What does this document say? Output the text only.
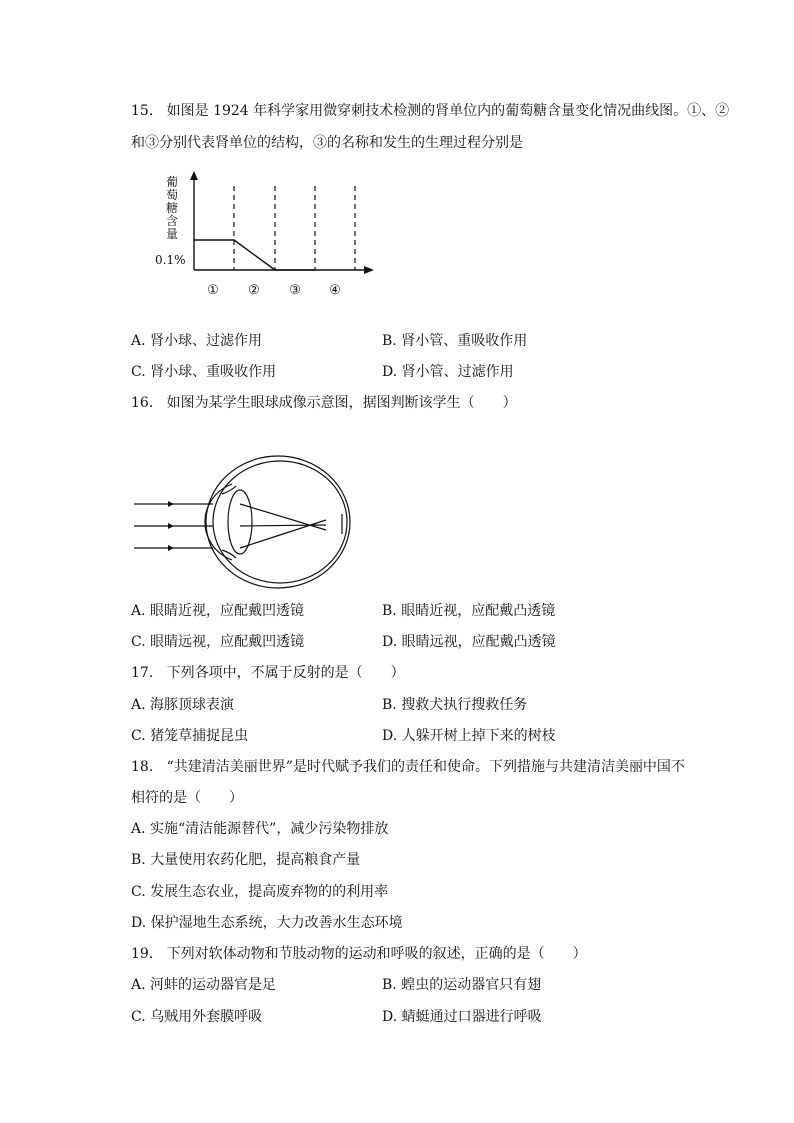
15. 如图是 1924 年科学家用微穿刺技术检测的肾单位内的葡萄糖含量变化情况曲线图。①、②
和③分别代表肾单位的结构，③的名称和发生的生理过程分别是
葡
萄
糖
含
量
0.1%
① ② ③ ④
A. 肾小球、过滤作用	B. 肾小管、重吸收作用
C. 肾小球、重吸收作用	D. 肾小管、过滤作用
16. 如图为某学生眼球成像示意图，据图判断该学生（　　）
A. 眼睛近视，应配戴凹透镜	B. 眼睛近视，应配戴凸透镜
C. 眼睛远视，应配戴凹透镜	D. 眼睛远视，应配戴凸透镜
17. 下列各项中，不属于反射的是（　　）
A. 海豚顶球表演	B. 搜救犬执行搜救任务
C. 猪笼草捕捉昆虫	D. 人躲开树上掉下来的树枝
18. “共建清洁美丽世界”是时代赋予我们的责任和使命。下列措施与共建清洁美丽中国不
相符的是（　　）
A. 实施“清洁能源替代”，减少污染物排放
B. 大量使用农药化肥，提高粮食产量
C. 发展生态农业，提高废弃物的的利用率
D. 保护湿地生态系统，大力改善水生态环境
19. 下列对软体动物和节肢动物的运动和呼吸的叙述，正确的是（　　）
A. 河蚌的运动器官是足	B. 蝗虫的运动器官只有翅
C. 乌贼用外套膜呼吸	D. 蜻蜓通过口器进行呼吸
